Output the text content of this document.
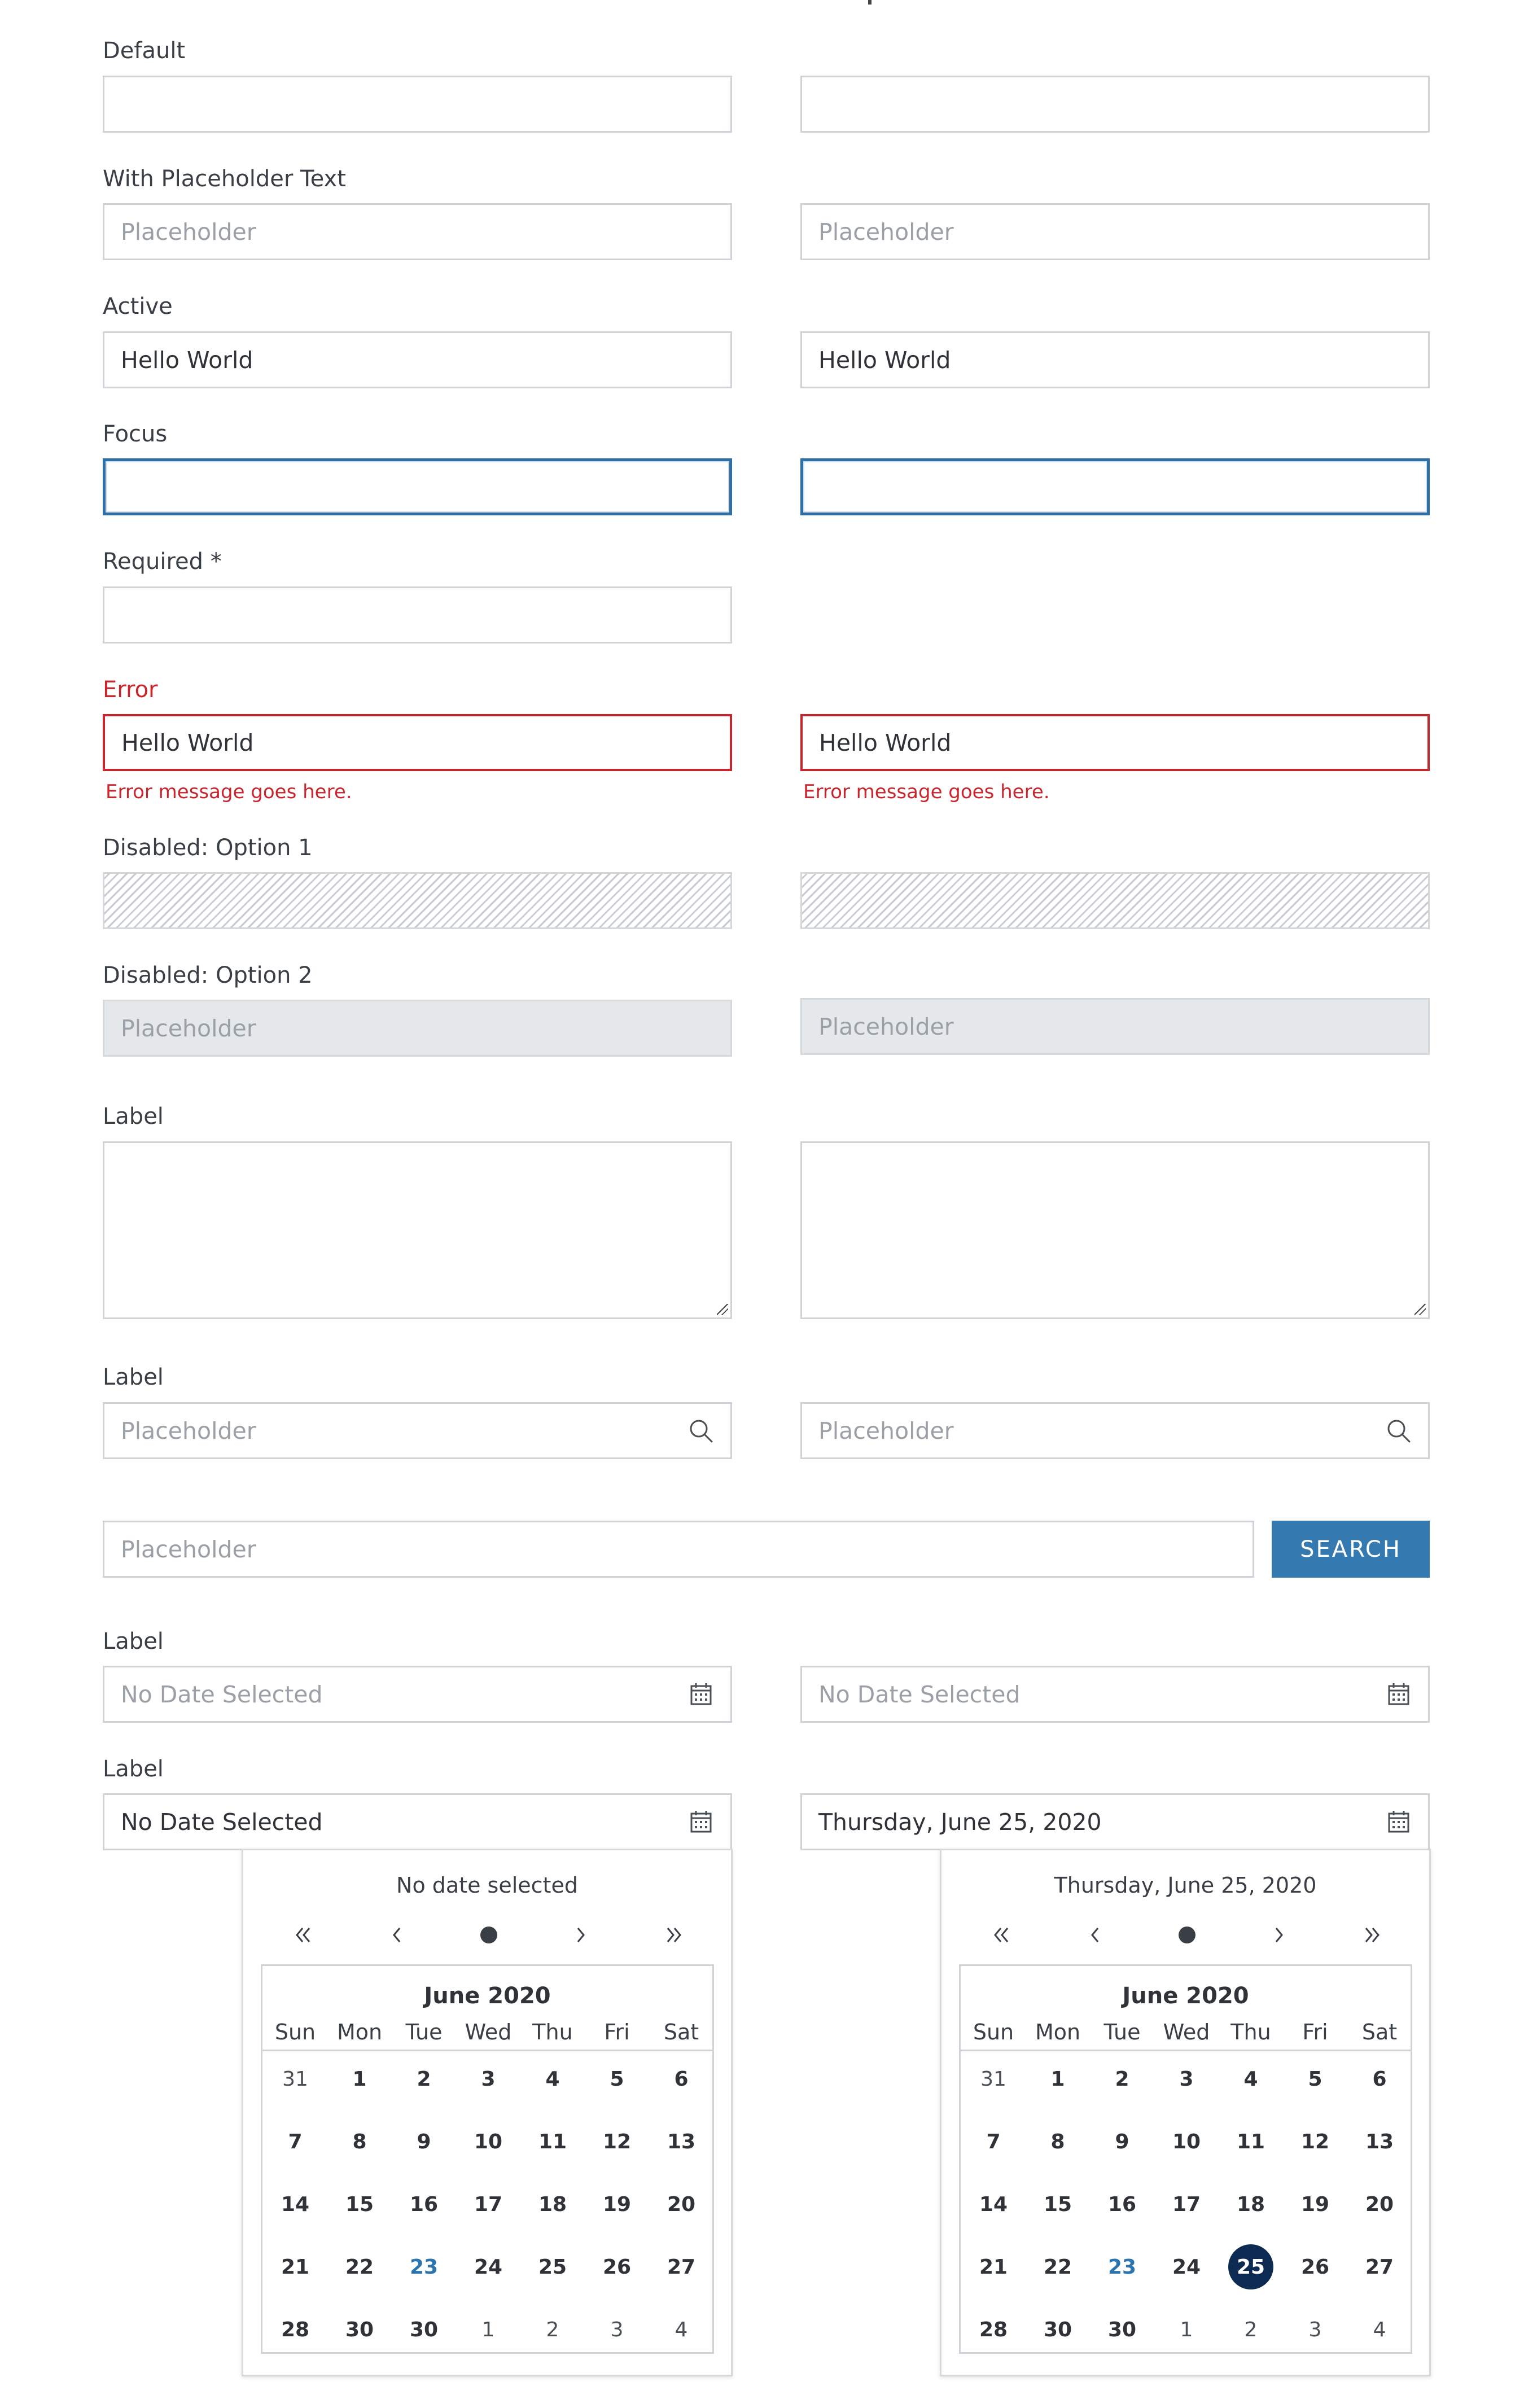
Default
With Placeholder Text
Placeholder	Placeholder
Active
Hello World	Hello World
Focus
Required *
Error
Hello World	Hello World
Error message goes here.	Error message goes here.
Disabled: Option 1
Disabled: Option 2
Placeholder	Placeholder
Label
Label
Placeholder	Placeholder
Placeholder	SEARCH
Label
No Date Selected	No Date Selected
Label
No Date Selected	Thursday, June 25, 2020
No date selected
June 2020
Sun Mon	Tue	Wed Thu	Fri	Sat
31	1	2	3	4	5	6
7	8	9	10	11	12	13
14	15	16	17	18	19	20
21	22	23	24	25	26	27
28	30	30	1	2	3	4
Thursday, June 25, 2020
June 2020
Sun Mon	Tue	Wed Thu	Fri	Sat
31	1	2	3	4	5	6
7	8	9	10	11	12	13
14	15	16	17	18	19	20
21	22	23	24	25	26	27
28	30	30	1	2	3	4
